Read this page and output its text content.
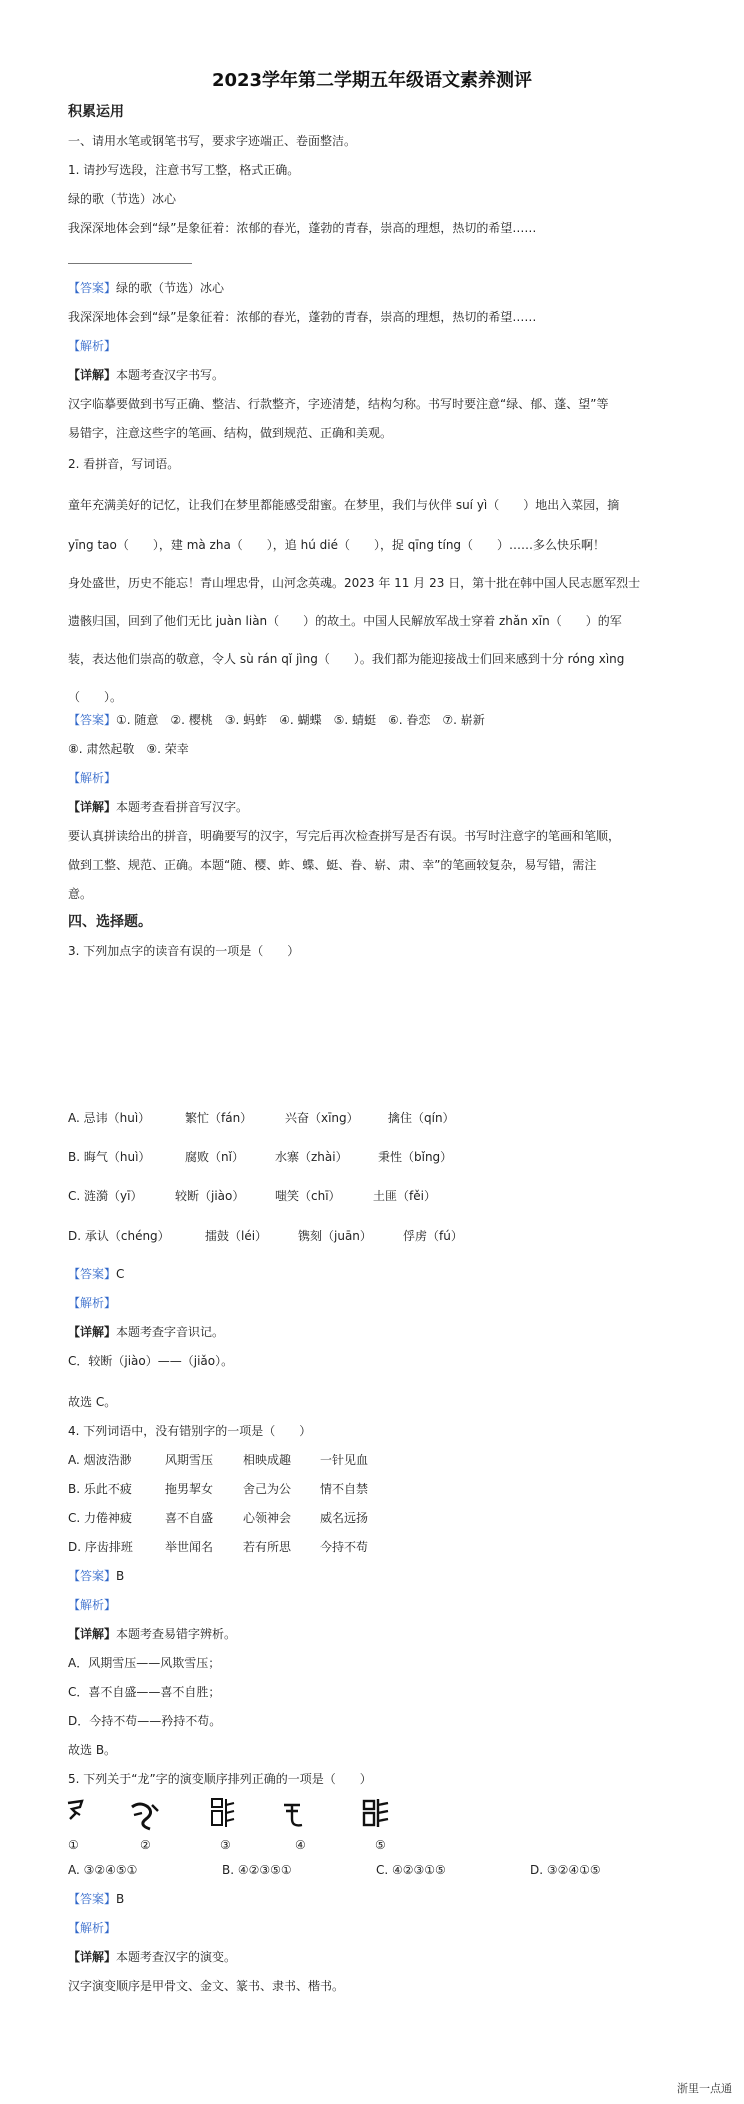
2023学年第二学期五年级语文素养测评
积累运用
一、请用水笔或钢笔书写，要求字迹端正、卷面整洁。
1. 请抄写选段，注意书写工整，格式正确。
绿的歌（节选）冰心
我深深地体会到“绿”是象征着：浓郁的春光，蓬勃的青春，崇高的理想，热切的希望……
【答案】绿的歌（节选）冰心
我深深地体会到“绿”是象征着：浓郁的春光，蓬勃的青春，崇高的理想，热切的希望……
【解析】
【详解】本题考查汉字书写。
汉字临摹要做到书写正确、整洁、行款整齐，字迹清楚，结构匀称。书写时要注意“绿、郁、蓬、望”等
易错字，注意这些字的笔画、结构，做到规范、正确和美观。
2. 看拼音，写词语。
童年充满美好的记忆，让我们在梦里都能感受甜蜜。在梦里，我们与伙伴 suí yì（　　）地出入菜园，摘
yīng tao（　　），建 mà zha（　　），追 hú dié（　　），捉 qīng tíng（　　）……多么快乐啊！
身处盛世，历史不能忘！青山埋忠骨，山河念英魂。2023 年 11 月 23 日，第十批在韩中国人民志愿军烈士
遗骸归国，回到了他们无比 juàn liàn（　　）的故土。中国人民解放军战士穿着 zhǎn xīn（　　）的军
装，表达他们崇高的敬意，令人 sù rán qǐ jìng（　　）。我们都为能迎接战士们回来感到十分 róng xìng
（　　）。
【答案】①. 随意　②. 樱桃　③. 蚂蚱　④. 蝴蝶　⑤. 蜻蜓　⑥. 眷恋　⑦. 崭新
⑧. 肃然起敬　⑨. 荣幸
【解析】
【详解】本题考查看拼音写汉字。
要认真拼读给出的拼音，明确要写的汉字，写完后再次检查拼写是否有误。书写时注意字的笔画和笔顺，
做到工整、规范、正确。本题“随、樱、蚱、蝶、蜓、眷、崭、肃、幸”的笔画较复杂，易写错，需注
意。
四、选择题。
3. 下列加点字的读音有误的一项是（　　）
A. 忌讳（huì）	繁忙（fán）	兴奋（xīng） 擒住（qín）
B. 晦气（huì）	腐败（nǐ）	水寨（zhài）	秉性（bǐng）
C. 涟漪（yī）	较断（jiào）	嗤笑（chī）	土匪（fěi）
D. 承认（chéng）	擂鼓（léi）	镌刻（juān）	俘虏（fú）
【答案】C
【解析】
【详解】本题考查字音识记。
C．较断（jiào）——（jiǎo）。
故选 C。
4. 下列词语中，没有错别字的一项是（　　）
A. 烟波浩渺	风期雪压 相映成趣 一针见血
B. 乐此不疲	拖男挈女 舍己为公 情不自禁
C. 力倦神疲	喜不自盛 心领神会 威名远扬
D. 序齿排班	举世闻名 若有所思 今持不苟
【答案】B
【解析】
【详解】本题考查易错字辨析。
A．风期雪压——风欺雪压；
C．喜不自盛——喜不自胜；
D．今持不苟——矜持不苟。
故选 B。
5. 下列关于“龙”字的演变顺序排列正确的一项是（　　）
①	②	③	④	⑤
A. ③②④⑤①	B. ④②③⑤①	C. ④②③①⑤	D. ③②④①⑤
【答案】B
【解析】
【详解】本题考查汉字的演变。
汉字演变顺序是甲骨文、金文、篆书、隶书、楷书。
浙里一点通
